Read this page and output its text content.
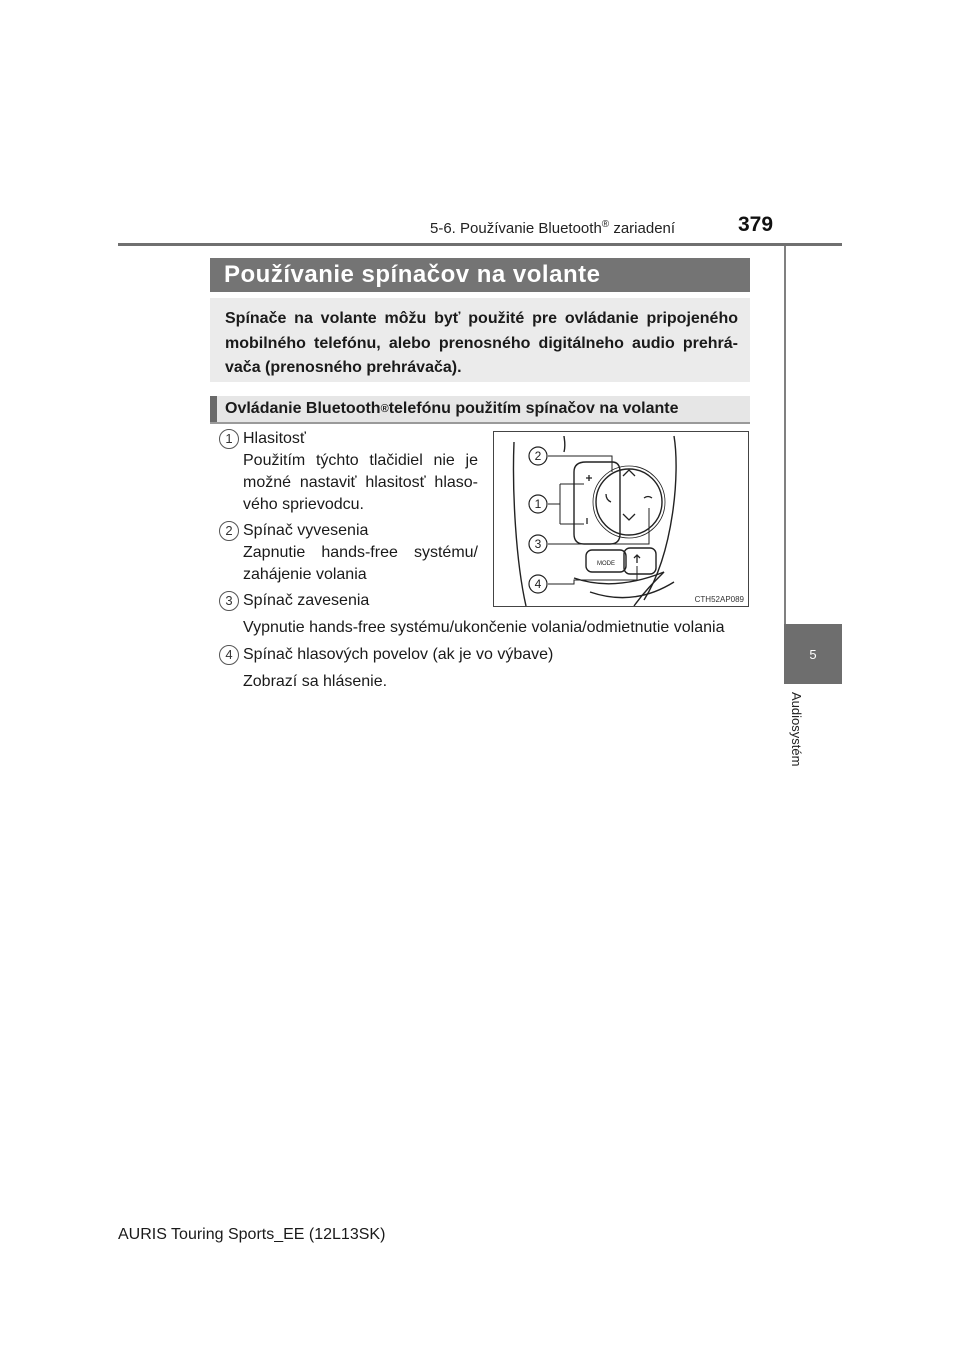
5-6. Používanie Bluetooth® zariadení	379
5
Audiosystém
Používanie spínačov na volante
Spínače na volante môžu byť použité pre ovládanie pripojeného mobilného telefónu, alebo prenosného digitálneho audio prehrá-vača (prenosného prehrávača).
Ovládanie Bluetooth ® telefónu použitím spínačov na volante
1 Hlasitosť
Použitím týchto tlačidiel nie je možné nastaviť hlasitosť hlaso-vého sprievodcu.
2 Spínač vyvesenia
Zapnutie hands-free systému/ zahájenie volania
3 Spínač zavesenia
Vypnutie hands-free systému/ukončenie volania/odmietnutie volania
4 Spínač hlasových povelov (ak je vo výbave)
Zobrazí sa hlásenie.
2
1
3
4
MODE
CTH52AP089
AURIS Touring Sports_EE (12L13SK)
